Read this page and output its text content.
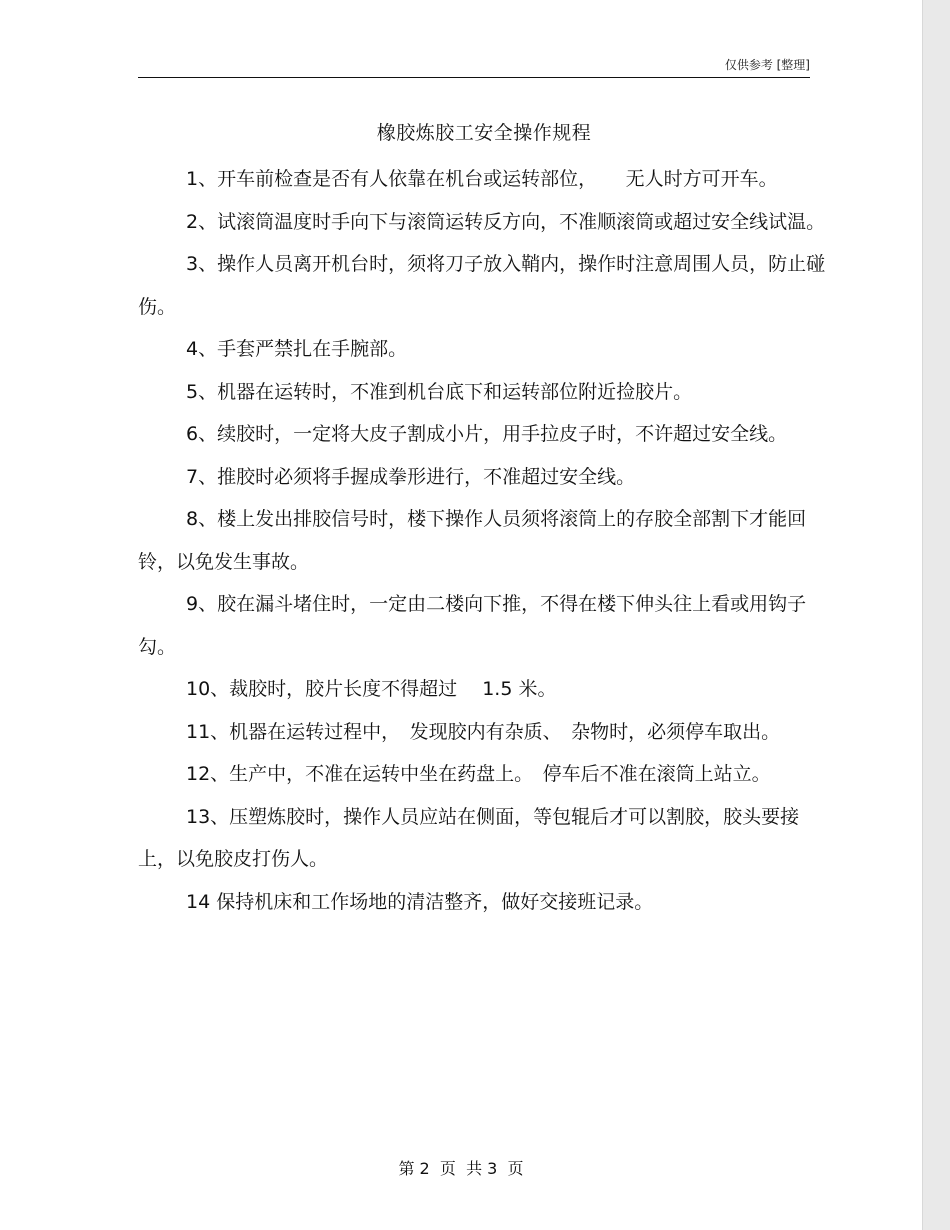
仅供参考 [整理]
橡胶炼胶工安全操作规程

1、开车前检查是否有人依靠在机台或运转部位，　　无人时方可开车。

2、试滚筒温度时手向下与滚筒运转反方向，不准顺滚筒或超过安全线试温。

3、操作人员离开机台时，须将刀子放入鞘内，操作时注意周围人员，防止碰伤。

4、手套严禁扎在手腕部。

5、机器在运转时，不准到机台底下和运转部位附近捡胶片。

6、续胶时，一定将大皮子割成小片，用手拉皮子时，不许超过安全线。

7、推胶时必须将手握成拳形进行，不准超过安全线。

8、楼上发出排胶信号时，楼下操作人员须将滚筒上的存胶全部割下才能回铃，以免发生事故。

9、胶在漏斗堵住时，一定由二楼向下推，不得在楼下伸头往上看或用钩子勾。

10、裁胶时，胶片长度不得超过　 1.5 米。

11、机器在运转过程中，　发现胶内有杂质、　杂物时，必须停车取出。

12、生产中，不准在运转中坐在药盘上。　停车后不准在滚筒上站立。

13、压塑炼胶时，操作人员应站在侧面，等包辊后才可以割胶，胶头要接上，以免胶皮打伤人。

14 保持机床和工作场地的清洁整齐，做好交接班记录。

第 2  页  共 3  页
